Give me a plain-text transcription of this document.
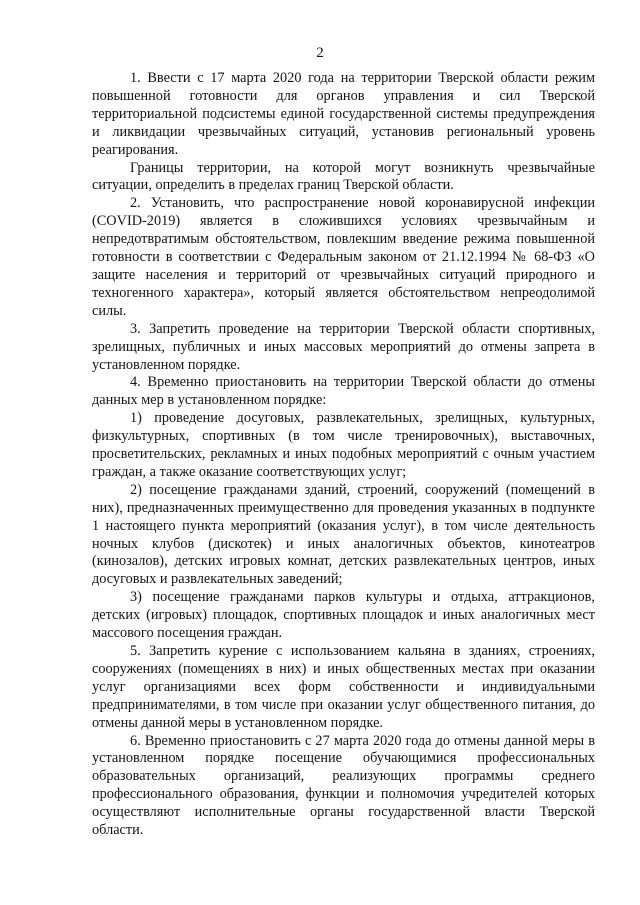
2

1. Ввести с 17 марта 2020 года на территории Тверской области режим повышенной готовности для органов управления и сил Тверской территориальной подсистемы единой государственной системы предупреждения и ликвидации чрезвычайных ситуаций, установив региональный уровень реагирования.

Границы территории, на которой могут возникнуть чрезвычайные ситуации, определить в пределах границ Тверской области.

2. Установить, что распространение новой коронавирусной инфекции (COVID-2019) является в сложившихся условиях чрезвычайным и непредотвратимым обстоятельством, повлекшим введение режима повышенной готовности в соответствии с Федеральным законом от 21.12.1994 № 68-ФЗ «О защите населения и территорий от чрезвычайных ситуаций природного и техногенного характера», который является обстоятельством непреодолимой силы.

3. Запретить проведение на территории Тверской области спортивных, зрелищных, публичных и иных массовых мероприятий до отмены запрета в установленном порядке.

4. Временно приостановить на территории Тверской области до отмены данных мер в установленном порядке:

1) проведение досуговых, развлекательных, зрелищных, культурных, физкультурных, спортивных (в том числе тренировочных), выставочных, просветительских, рекламных и иных подобных мероприятий с очным участием граждан, а также оказание соответствующих услуг;

2) посещение гражданами зданий, строений, сооружений (помещений в них), предназначенных преимущественно для проведения указанных в подпункте 1 настоящего пункта мероприятий (оказания услуг), в том числе деятельность ночных клубов (дискотек) и иных аналогичных объектов, кинотеатров (кинозалов), детских игровых комнат, детских развлекательных центров, иных досуговых и развлекательных заведений;

3) посещение гражданами парков культуры и отдыха, аттракционов, детских (игровых) площадок, спортивных площадок и иных аналогичных мест массового посещения граждан.

5. Запретить курение с использованием кальяна в зданиях, строениях, сооружениях (помещениях в них) и иных общественных местах при оказании услуг организациями всех форм собственности и индивидуальными предпринимателями, в том числе при оказании услуг общественного питания, до отмены данной меры в установленном порядке.

6. Временно приостановить с 27 марта 2020 года до отмены данной меры в установленном порядке посещение обучающимися профессиональных образовательных организаций, реализующих программы среднего профессионального образования, функции и полномочия учредителей которых осуществляют исполнительные органы государственной власти Тверской области.
